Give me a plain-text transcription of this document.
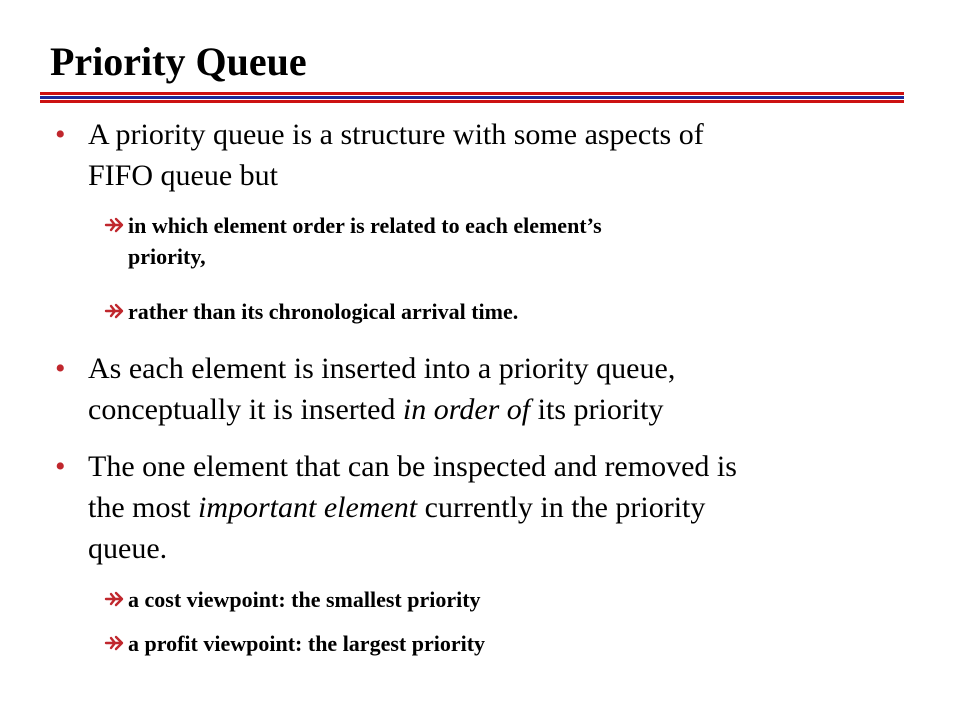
Priority Queue
• A priority queue is a structure with some aspects of
FIFO queue but
in which element order is related to each element’s
priority,
rather than its chronological arrival time.
• As each element is inserted into a priority queue,
conceptually it is inserted in order of its priority
• The one element that can be inspected and removed is
the most important element currently in the priority
queue.
a cost viewpoint: the smallest priority
a profit viewpoint: the largest priority
